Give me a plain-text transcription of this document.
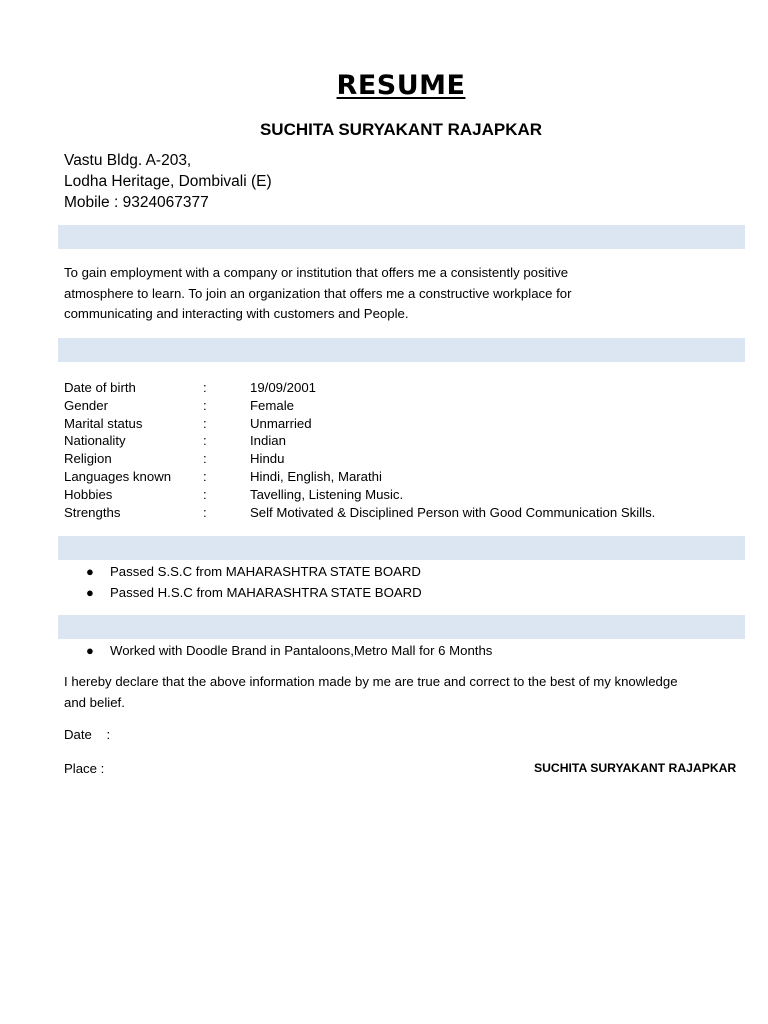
RESUME
SUCHITA SURYAKANT RAJAPKAR
Vastu Bldg. A-203,
Lodha Heritage, Dombivali (E)
Mobile : 9324067377
To gain employment with a company or institution that offers me a consistently positive
atmosphere to learn. To join an organization that offers me a constructive workplace for
communicating and interacting with customers and People.
Date of birth	:	19/09/2001
Gender	:	Female
Marital status	:	Unmarried
Nationality	:	Indian
Religion	:	Hindu
Languages known :	Hindi, English, Marathi
Hobbies	:	Tavelling, Listening Music.
Strengths	:	Self Motivated & Disciplined Person with Good Communication Skills.
● Passed S.S.C from MAHARASHTRA STATE BOARD
● Passed H.S.C from MAHARASHTRA STATE BOARD
● Worked with Doodle Brand in Pantaloons,Metro Mall for 6 Months
I hereby declare that the above information made by me are true and correct to the best of my knowledge
and belief.
Date    :
Place :	SUCHITA SURYAKANT RAJAPKAR
